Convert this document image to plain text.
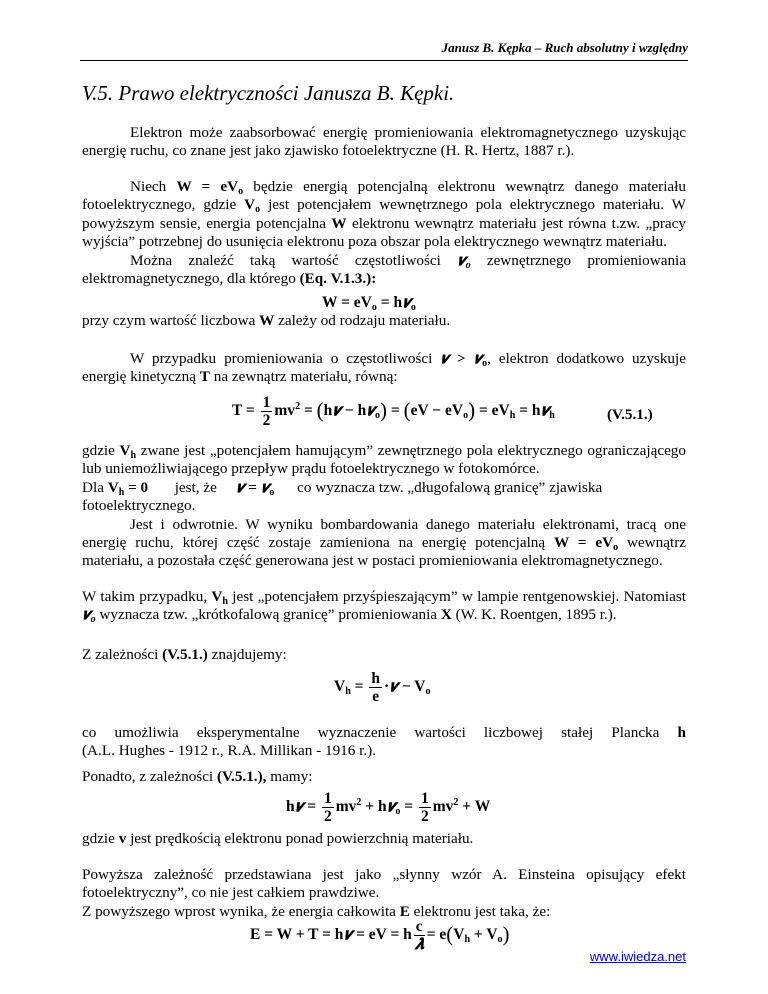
Janusz B. Kępka – Ruch absolutny i względny
V.5. Prawo elektryczności Janusza B. Kępki.

Elektron może zaabsorbować energię promieniowania elektromagnetycznego uzyskując energię ruchu, co znane jest jako zjawisko fotoelektryczne (H. R. Hertz, 1887 r.).

Niech $W = eV_o$ będzie energią potencjalną elektronu wewnątrz danego materiału fotoelektrycznego, gdzie $V_o$ jest potencjałem wewnętrznego pola elektrycznego materiału. W powyższym sensie, energia potencjalna W elektronu wewnątrz materiału jest równa t.zw. „pracy wyjścia” potrzebnej do usunięcia elektronu poza obszar pola elektrycznego wewnątrz materiału.

Można znaleźć taką wartość częstotliwości 𝝂$_o$ zewnętrznego promieniowania elektromagnetycznego, dla którego (Eq. V.1.3.):

$W = eV_o$ = h𝝂$_o$

przy czym wartość liczbowa W zależy od rodzaju materiału.

W przypadku promieniowania o częstotliwości 𝝂 > 𝝂$_o$, elektron dodatkowo uzyskuje energię kinetyczną T na zewnątrz materiału, równą:

$T = \frac{1}{2} mv^2$ = (h𝝂 − h𝝂$_o$) = $(eV - eV_o) = eV_h$ = h𝝂$_h$	(V.5.1.)

gdzie $V_h$ zwane jest „potencjałem hamującym” zewnętrznego pola elektrycznego ograniczającego lub uniemożliwiającego przepływ prądu fotoelektrycznego w fotokomórce.

Dla $V_h = 0$ jest, że 𝝂 = 𝝂$_o$      co wyznacza tzw. „długofalową granicę” zjawiska

fotoelektrycznego.

Jest i odwrotnie. W wyniku bombardowania danego materiału elektronami, tracą one energię ruchu, której część zostaje zamieniona na energię potencjalną $W = eV_o$ wewnątrz materiału, a pozostała część generowana jest w postaci promieniowania elektromagnetycznego.

W takim przypadku, $V_h$ jest „potencjałem przyśpieszającym” w lampie rentgenowskiej. Natomiast 𝝂$_o$ wyznacza tzw. „krótkofalową granicę” promieniowania X (W. K. Roentgen, 1895 r.).

Z zależności (V.5.1.) znajdujemy:

$V_h = \frac{h}{e}$ ·𝝂 − $V_o$

co umożliwia eksperymentalne wyznaczenie wartości liczbowej stałej Plancka h

(A.L. Hughes - 1912 r., R.A. Millikan - 1916 r.).

Ponadto, z zależności (V.5.1.), mamy:

h𝝂 = $\frac{1}{2} mv^2$ + h𝝂$_o$ = $\frac{1}{2} mv^2 + W$

gdzie v jest prędkością elektronu ponad powierzchnią materiału.

Powyższa zależność przedstawiana jest jako „słynny wzór A. Einsteina opisujący efekt fotoelektryczny”, co nie jest całkiem prawdziwe.

Z powyższego wprost wynika, że energia całkowita E elektronu jest taka, że:

E = W + T = h𝝂 = eV = h $\frac{c}{\text{𝝀}} = e(V_h + V_o)$
www.iwiedza.net
